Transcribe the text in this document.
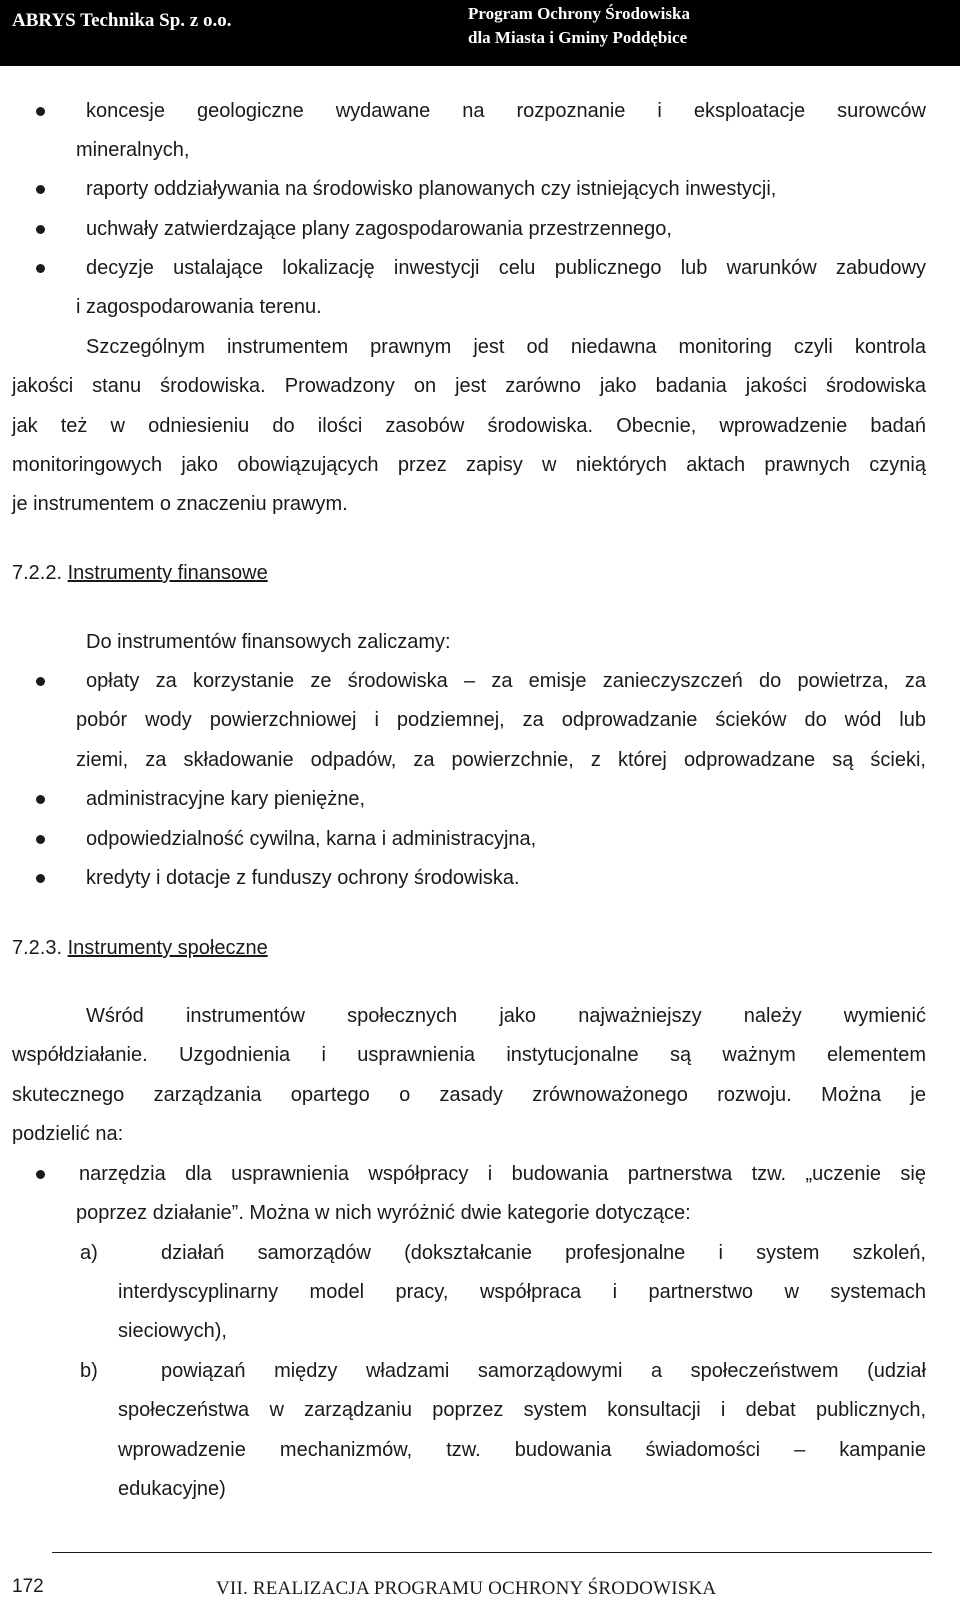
ABRYS Technika Sp. z o.o.	Program Ochrony Środowiska
dla Miasta i Gminy Poddębice
koncesje geologiczne wydawane na rozpoznanie i eksploatacje surowców
mineralnych,
raporty oddziaływania na środowisko planowanych czy istniejących inwestycji,
uchwały zatwierdzające plany zagospodarowania przestrzennego,
decyzje ustalające lokalizację inwestycji celu publicznego lub warunków zabudowy
i zagospodarowania terenu.
Szczególnym instrumentem prawnym jest od niedawna monitoring czyli kontrola
jakości stanu środowiska. Prowadzony on jest zarówno jako badania jakości środowiska
jak też w odniesieniu do ilości zasobów środowiska. Obecnie, wprowadzenie badań
monitoringowych jako obowiązujących przez zapisy w niektórych aktach prawnych czynią
je instrumentem o znaczeniu prawym.
7.2.2. Instrumenty finansowe
Do instrumentów finansowych zaliczamy:
opłaty za korzystanie ze środowiska – za emisje zanieczyszczeń do powietrza, za
pobór wody powierzchniowej i podziemnej, za odprowadzanie ścieków do wód lub
ziemi, za składowanie odpadów, za powierzchnie, z której odprowadzane są ścieki,
administracyjne kary pieniężne,
odpowiedzialność cywilna, karna i administracyjna,
kredyty i dotacje z funduszy ochrony środowiska.
7.2.3. Instrumenty społeczne
Wśród instrumentów społecznych jako najważniejszy należy wymienić
współdziałanie. Uzgodnienia i usprawnienia instytucjonalne są ważnym elementem
skutecznego zarządzania opartego o zasady zrównoważonego rozwoju. Można je
podzielić na:
narzędzia dla usprawnienia współpracy i budowania partnerstwa tzw. „uczenie się
poprzez działanie”. Można w nich wyróżnić dwie kategorie dotyczące:
a)	działań samorządów (dokształcanie profesjonalne i system szkoleń,
interdyscyplinarny model pracy, współpraca i partnerstwo w systemach
sieciowych),
b)	powiązań między władzami samorządowymi a społeczeństwem (udział
społeczeństwa w zarządzaniu poprzez system konsultacji i debat publicznych,
wprowadzenie mechanizmów, tzw. budowania świadomości – kampanie
edukacyjne)
172	VII. REALIZACJA PROGRAMU OCHRONY ŚRODOWISKA
